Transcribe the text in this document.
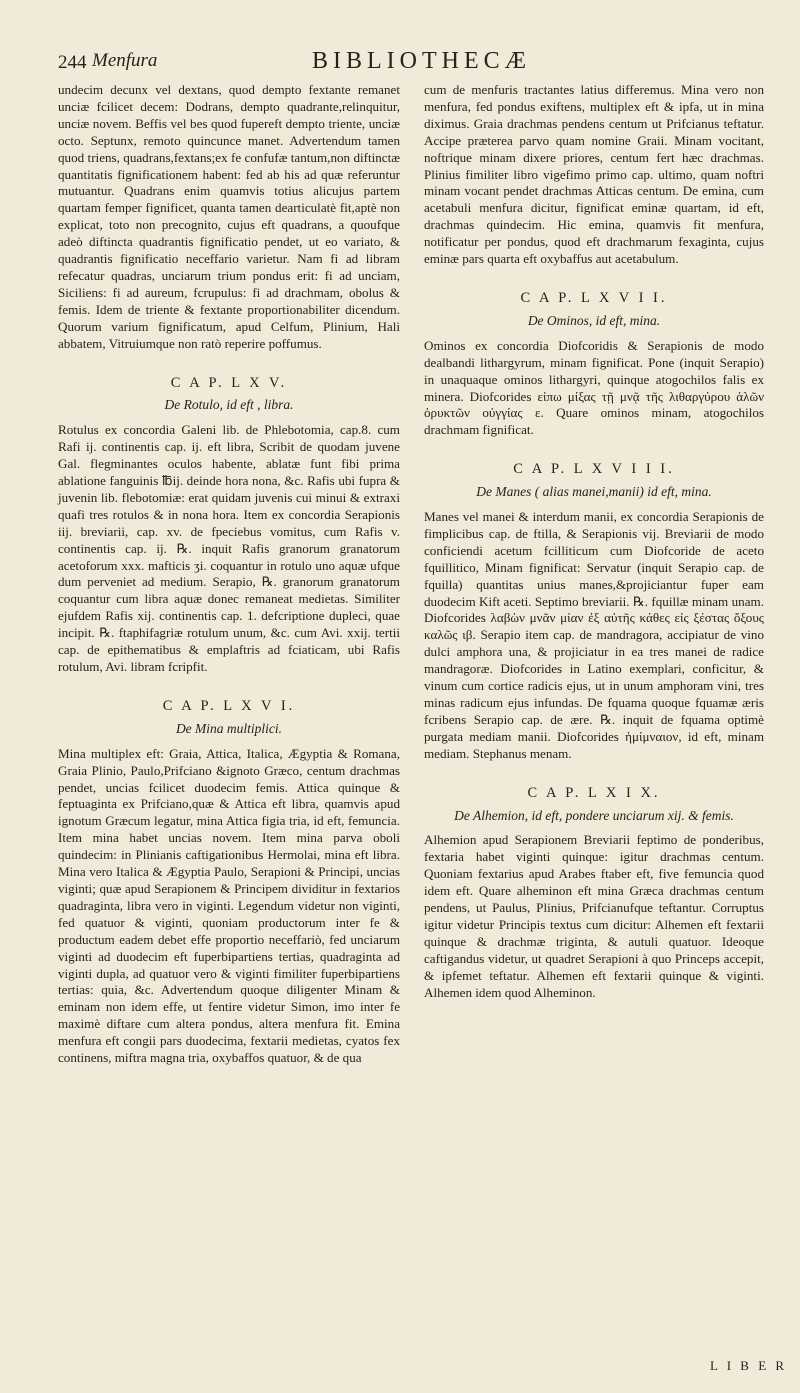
244 Menfura	BIBLIOTHECÆ

undecim decunx vel dextans, quod dempto fextante remanet unciæ fcilicet decem: Dodrans, dempto quadrante,relinquitur, unciæ novem. Beffis vel bes quod fupereft dempto triente, unciæ octo. Septunx, remoto quincunce manet. Advertendum tamen quod triens, quadrans,fextans;ex fe confufæ tantum,non diftinctæ quantitatis fignificationem habent: fed ab his ad quæ referuntur mutuantur. Quadrans enim quamvis totius alicujus partem quartam femper fignificet, quanta tamen dearticulatè fit,aptè non explicat, toto non precognito, cujus eft quadrans, a quoufque adeò diftincta quadrantis fignificatio pendet, ut eo variato, & quadrantis fignificatio neceffario varietur. Nam fi ad libram refecatur quadras, unciarum trium pondus erit: fi ad unciam, Siciliens: fi ad aureum, fcrupulus: fi ad drachmam, obolus & femis. Idem de triente & fextante proportionabiliter dicendum. Quorum varium fignificatum, apud Celfum, Plinium, Hali abbatem, Vitruiumque non ratò reperire poffumus.

C A P. L X V.
De Rotulo, id eft , libra.

Rotulus ex concordia Galeni lib. de Phlebotomia, cap.8. cum Rafi ij. continentis cap. ij. eft libra, Scribit de quodam juvene Gal. flegminantes oculos habente, ablatæ funt fibi prima ablatione fanguinis ℔ij. deinde hora nona, &c. Rafis ubi fupra & juvenin lib. flebotomiæ: erat quidam juvenis cui minui & extraxi quafi tres rotulos & in nona hora. Item ex concordia Serapionis iij. breviarii, cap. xv. de fpeciebus vomitus, cum Rafis v. continentis cap. ij. ℞. inquit Rafis granorum granatorum acetoforum xxx. mafticis ʒi. coquantur in rotulo uno aquæ ufque dum perveniet ad medium. Serapio, ℞. granorum granatorum coquantur cum libra aquæ donec remaneat medietas. Similiter ejufdem Rafis xij. continentis cap. 1. defcriptione dupleci, quae incipit. ℞. ftaphifagriæ rotulum unum, &c. cum Avi. xxij. tertii cap. de epithematibus & emplaftris ad fciaticam, ubi Rafis rotulum, Avi. libram fcripfit.

C A P. L X V I.
De Mina multiplici.

Mina multiplex eft: Graia, Attica, Italica, Ægyptia & Romana, Graia Plinio, Paulo,Prifciano &ignoto Græco, centum drachmas pendet, uncias fcilicet duodecim femis. Attica quinque & feptuaginta ex Prifciano,quæ & Attica eft libra, quamvis apud ignotum Græcum legatur, mina Attica figia tria, id eft, femuncia. Item mina habet uncias novem. Item mina parva oboli quindecim: in Plinianis caftigationibus Hermolai, mina eft libra. Mina vero Italica & Ægyptia Paulo, Serapioni & Principi, uncias viginti; quæ apud Serapionem & Principem dividitur in fextarios quadraginta, libra vero in viginti. Legendum videtur non viginti, fed quatuor & viginti, quoniam productorum inter fe & productum eadem debet effe proportio neceffariò, fed unciarum viginti ad duodecim eft fuperbipartiens tertias, quadraginta ad viginti dupla, ad quatuor vero & viginti fimiliter fuperbipartiens tertias: quia, &c. Advertendum quoque diligenter Minam & eminam non idem effe, ut fentire videtur Simon, imo inter fe maximè diftare cum altera pondus, altera menfura fit. Emina menfura eft congii pars duodecima, fextarii medietas, cyatos fex continens, miftra magna tria, oxybaffos quatuor, & de qua

cum de menfuris tractantes latius differemus. Mina vero non menfura, fed pondus exiftens, multiplex eft & ipfa, ut in mina diximus. Graia drachmas pendens centum ut Prifcianus teftatur. Accipe præterea parvo quam nomine Graii. Minam vocitant, noftrique minam dixere priores, centum fert hæc drachmas. Plinius fimiliter libro vigefimo primo cap. ultimo, quam noftri minam vocant pendet drachmas Atticas centum. De emina, cum acetabuli menfura dicitur, fignificat eminæ quartam, id eft, drachmas quindecim. Hic emina, quamvis fit menfura, notificatur per pondus, quod eft drachmarum fexaginta, cujus eminæ pars quarta eft oxybaffus aut acetabulum.

C A P. L X V I I.
De Ominos, id eft, mina.

Ominos ex concordia Diofcoridis & Serapionis de modo dealbandi lithargyrum, minam fignificat. Pone (inquit Serapio) in unaquaque ominos lithargyri, quinque atogochilos falis ex minera. Diofcorides εἰπω μίξας τῇ μνᾷ τῆς λιθαργύρου ἁλῶν ὀρυκτῶν οὐγγίας ε. Quare ominos minam, atogochilos drachmam fignificat.

C A P. L X V I I I.
De Manes ( alias manei,manii) id eft, mina.

Manes vel manei & interdum manii, ex concordia Serapionis de fimplicibus cap. de ftilla, & Serapionis vij. Breviarii de modo conficiendi acetum fcilliticum cum Diofcoride de aceto fquillitico, Minam fignificat: Servatur (inquit Serapio cap. de fquilla) quantitas unius manes,&projiciantur fuper eam duodecim Kift aceti. Septimo breviarii. ℞. fquillæ minam unam. Diofcorides λαβὼν μνᾶν μίαν ἐξ αὐτῆς κάθες εἰς ξέστας ὄξους καλῶς ιβ. Serapio item cap. de mandragora, accipiatur de vino dulci amphora una, & projiciatur in ea tres manei de radice mandragoræ. Diofcorides in Latino exemplari, conficitur, & vinum cum cortice radicis ejus, ut in unum amphoram vini, tres minas radicum ejus infundas. De fquama quoque fquamæ æris fcribens Serapio cap. de ære. ℞. inquit de fquama optimè purgata mediam manii. Diofcorides ἡμίμναιον, id eft, minam mediam. Stephanus menam.

C A P. L X I X.
De Alhemion, id eft, pondere unciarum xij. & femis.

Alhemion apud Serapionem Breviarii feptimo de ponderibus, fextaria habet viginti quinque: igitur drachmas centum. Quoniam fextarius apud Arabes ftaber eft, five femuncia quod idem eft. Quare alheminon eft mina Græca drachmas centum pendens, ut Paulus, Plinius, Prifcianufque teftantur. Corruptus igitur videtur Principis textus cum dicitur: Alhemen eft fextarii quinque & drachmæ triginta, & autuli quatuor. Ideoque caftigandus videtur, ut quadret Serapioni à quo Princeps accepit, & ipfemet teftatur. Alhemen eft fextarii quinque & viginti. Alhemen idem quod Alheminon.

L I B E R
